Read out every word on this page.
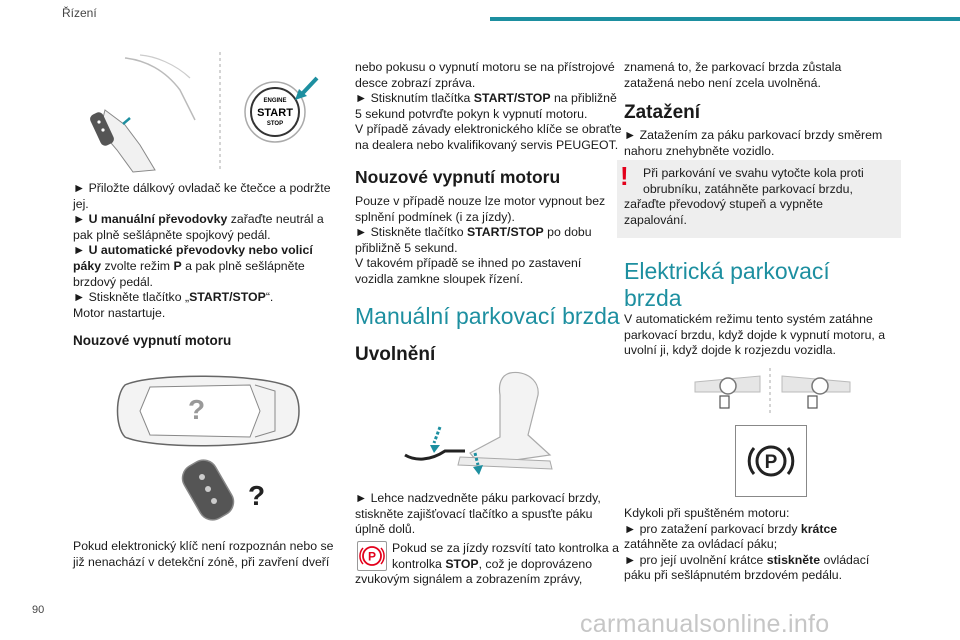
Řízení
ENGINE
START
STOP

► Přiložte dálkový ovladač ke čtečce a podržte

jej.

► U manuální převodovky zařaďte neutrál a

pak plně sešlápněte spojkový pedál.

► U automatické převodovky nebo volicí

páky zvolte režim P a pak plně sešlápněte

brzdový pedál.

► Stiskněte tlačítko „START/STOP“.

Motor nastartuje.

Nouzové vypnutí motoru
?
?

Pokud elektronický klíč není rozpoznán nebo se

již nenachází v detekční zóně, při zavření dveří

nebo pokusu o vypnutí motoru se na přístrojové

desce zobrazí zpráva.

► Stisknutím tlačítka START/STOP na přibližně

5 sekund potvrďte pokyn k vypnutí motoru.

V případě závady elektronického klíče se obraťte

na dealera nebo kvalifikovaný servis PEUGEOT.

Nouzové vypnutí motoru

Pouze v případě nouze lze motor vypnout bez

splnění podmínek (i za jízdy).

► Stiskněte tlačítko START/STOP po dobu

přibližně 5 sekund.

V takovém případě se ihned po zastavení

vozidla zamkne sloupek řízení.

Manuální parkovací brzda
Uvolnění

► Lehce nadzvedněte páku parkovací brzdy,

stiskněte zajišťovací tlačítko a spusťte páku

úplně dolů.

P

Pokud se za jízdy rozsvítí tato kontrolka a

kontrolka STOP, což je doprovázeno

zvukovým signálem a zobrazením zprávy,

znamená to, že parkovací brzda zůstala

zatažená nebo není zcela uvolněná.

Zatažení

► Zatažením za páku parkovací brzdy směrem

nahoru znehybněte vozidlo.

! Při parkování ve svahu vytočte kola proti

obrubníku, zatáhněte parkovací brzdu,

zařaďte převodový stupeň a vypněte

zapalování.

Elektrická parkovací
brzda

V automatickém režimu tento systém zatáhne

parkovací brzdu, když dojde k vypnutí motoru, a

uvolní ji, když dojde k rozjezdu vozidla.

P

Kdykoli při spuštěném motoru:

► pro zatažení parkovací brzdy krátce

zatáhněte za ovládací páku;

► pro její uvolnění krátce stiskněte ovládací

páku při sešlápnutém brzdovém pedálu.

90	carmanualsonline.info
